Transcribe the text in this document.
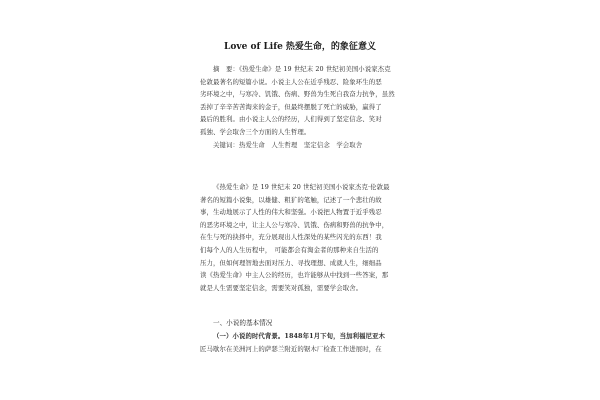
Love of Life 热爱生命，的象征意义
摘　要：《热爱生命》是 19 世纪末 20 世纪初美国小说家杰克
伦敦最著名的短篇小说。小说主人公在近乎残忍、险象环生的恶
劣环境之中，与寒冷、饥饿、伤病、野兽为生死自我奋力抗争，虽然
丢掉了辛辛苦苦淘来的金子，但最终摆脱了死亡的威胁，赢得了
最后的胜利。由小说主人公的经历，人们得到了坚定信念、笑对
孤独、学会取舍三个方面的人生哲理。
关键词：热爱生命　人生哲理　坚定信念　学会取舍
《热爱生命》是 19 世纪末 20 世纪初美国小说家杰克·伦敦最
著名的短篇小说集，以雄健、粗犷的笔触，记述了一个悲壮的故
事，生动地展示了人性的伟大和坚强。小说把人物置于近乎残忍
的恶劣环境之中，让主人公与寒冷、饥饿、伤病和野兽的抗争中，
在生与死的抉择中，充分展现出人性深处的某些闪光的东西！我
们每个人的人生历程中，　可能都会有淘金者的那种来自生活的
压力，但如何理智地去面对压力、寻找理想、成就人生，细细品
读《热爱生命》中主人公的经历，也许能够从中找到一些答案，那
就是人生需要坚定信念，需要笑对孤独，需要学会取舍。
一、小说的基本情况
（一）小说的时代背景。1848年1月下旬，当加利福尼亚木
匠马歇尔在美洲河上的萨瑟兰附近的锯木厂检查工作进展时，在
